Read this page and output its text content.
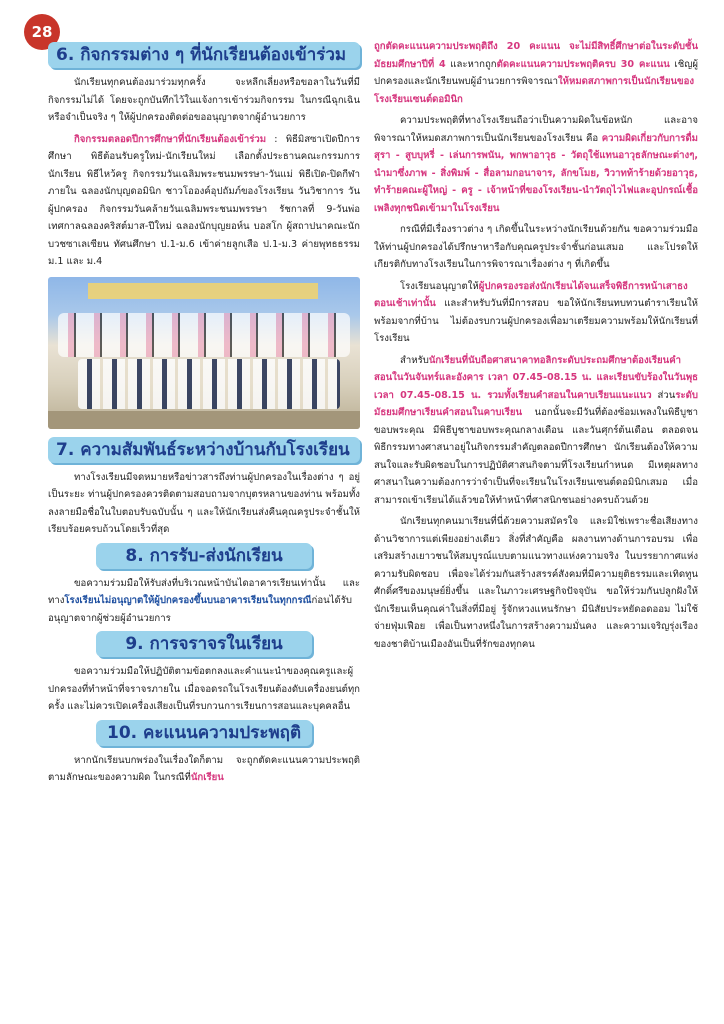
28
6. กิจกรรมต่าง ๆ ที่นักเรียนต้องเข้าร่วม

นักเรียนทุกคนต้องมาร่วมทุกครั้ง จะหลีกเลี่ยงหรือขอลาในวันที่มีกิจกรรมไม่ได้ โดยจะถูกบันทึกไว้ในแจ้งการเข้าร่วมกิจกรรม ในกรณีฉุกเฉินหรือจำเป็นจริง ๆ ให้ผู้ปกครองติดต่อขออนุญาตจากผู้อำนวยการ

กิจกรรมตลอดปีการศึกษาที่นักเรียนต้องเข้าร่วม : พิธีมิสซาเปิดปีการศึกษา พิธีต้อนรับครูใหม่-นักเรียนใหม่ เลือกตั้งประธานคณะกรรมการนักเรียน พิธีไหว้ครู กิจกรรมวันเฉลิมพระชนมพรรษา-วันแม่ พิธีเปิด-ปิดกีฬาภายใน ฉลองนักบุญดอมินิก ชาวโอองค์อุปถัมภ์ของโรงเรียน วันวิชาการ วันผู้ปกครอง กิจกรรมวันคล้ายวันเฉลิมพระชนมพรรษา รัชกาลที่ 9-วันพ่อ เทศกาลฉลองคริสต์มาส-ปีใหม่ ฉลองนักบุญยอห์น บอสโก ผู้สถาปนาคณะนักบวชซาเลเซียน ทัศนศึกษา ป.1-ม.6 เข้าค่ายลูกเสือ ป.1-ม.3 ค่ายพุทธธรรม ม.1 และ ม.4

7. ความสัมพันธ์ระหว่างบ้านกับโรงเรียน

ทางโรงเรียนมีจดหมายหรือข่าวสารถึงท่านผู้ปกครองในเรื่องต่าง ๆ อยู่เป็นระยะ ท่านผู้ปกครองควรติดตามสอบถามจากบุตรหลานของท่าน พร้อมทั้งลงลายมือชื่อในใบตอบรับฉบับนั้น ๆ และให้นักเรียนส่งคืนคุณครูประจำชั้นให้เรียบร้อยครบถ้วนโดยเร็วที่สุด

8. การรับ-ส่งนักเรียน

ขอความร่วมมือให้รับส่งที่บริเวณหน้าบันไดอาคารเรียนเท่านั้น และทางโรงเรียนไม่อนุญาตให้ผู้ปกครองขึ้นบนอาคารเรียนในทุกกรณีก่อนได้รับอนุญาตจากผู้ช่วยผู้อำนวยการ

9. การจราจรในเรียน

ขอความร่วมมือให้ปฏิบัติตามข้อตกลงและคำแนะนำของคุณครูและผู้ปกครองที่ทำหน้าที่จราจรภายใน เมื่อจอดรถในโรงเรียนต้องดับเครื่องยนต์ทุกครั้ง และไม่ควรเปิดเครื่องเสียงเป็นที่รบกวนการเรียนการสอนและบุคคลอื่น

10. คะแนนความประพฤติ

หากนักเรียนบกพร่องในเรื่องใดก็ตาม จะถูกตัดคะแนนความประพฤติตามลักษณะของความผิด ในกรณีที่นักเรียน

ถูกตัดคะแนนความประพฤติถึง 20 คะแนน จะไม่มีสิทธิ์ศึกษาต่อในระดับชั้นมัธยมศึกษาปีที่ 4 และหากถูกตัดคะแนนความประพฤติครบ 30 คะแนน เชิญผู้ปกครองและนักเรียนพบผู้อำนวยการพิจารณาให้หมดสภาพการเป็นนักเรียนของโรงเรียนเซนต์ดอมินิก

ความประพฤติที่ทางโรงเรียนถือว่าเป็นความผิดในข้อหนัก และอาจพิจารณาให้หมดสภาพการเป็นนักเรียนของโรงเรียน คือ ความผิดเกี่ยวกับการดื่มสุรา - สูบบุหรี่ - เล่นการพนัน, พกพาอาวุธ - วัตถุใช้แทนอาวุธลักษณะต่างๆ, นำมาซึ่งภาพ - สิ่งพิมพ์ - สื่อลามกอนาจาร, ลักขโมย, วิวาทท้าร้ายด้วยอาวุธ, ทำร้ายคณะผู้ใหญ่ - ครู - เจ้าหน้าที่ของโรงเรียน-นำวัตถุไวไฟและอุปกรณ์เชื้อเพลิงทุกชนิดเข้ามาในโรงเรียน

กรณีที่มีเรื่องราวต่าง ๆ เกิดขึ้นในระหว่างนักเรียนด้วยกัน ขอความร่วมมือให้ท่านผู้ปกครองได้ปรึกษาหารือกับคุณครูประจำชั้นก่อนเสมอ และโปรดให้เกียรติกับทางโรงเรียนในการพิจารณาเรื่องต่าง ๆ ที่เกิดขึ้น

โรงเรียนอนุญาตให้ผู้ปกครองรอส่งนักเรียนได้จนเสร็จพิธีการหน้าเสาธงตอนเช้าเท่านั้น และสำหรับวันที่มีการสอบ ขอให้นักเรียนทบทวนตำราเรียนให้พร้อมจากที่บ้าน ไม่ต้องรบกวนผู้ปกครองเพื่อมาเตรียมความพร้อมให้นักเรียนที่โรงเรียน

สำหรับนักเรียนที่นับถือศาสนาคาทอลิกระดับประถมศึกษาต้องเรียนคำสอนในวันจันทร์และอังคาร เวลา 07.45-08.15 น. และเรียนขับร้องในวันพุธ เวลา 07.45-08.15 น. รวมทั้งเรียนคำสอนในคาบเรียนแนะแนว ส่วนระดับมัธยมศึกษาเรียนคำสอนในคาบเรียน นอกนั้นจะมีวันที่ต้องซ้อมเพลงในพิธีบูชาขอบพระคุณ มีพิธีบูชาขอบพระคุณกลางเดือน และวันศุกร์ต้นเดือน ตลอดจนพิธีกรรมทางศาสนาอยู่ในกิจกรรมสำคัญตลอดปีการศึกษา นักเรียนต้องให้ความสนใจและรับผิดชอบในการปฏิบัติศาสนกิจตามที่โรงเรียนกำหนด มีเหตุผลทางศาสนาในความต้องการว่าจำเป็นที่จะเรียนในโรงเรียนเซนต์ดอมินิกเสมอ เมื่อสามารถเข้าเรียนได้แล้วขอให้ทำหน้าที่ศาสนิกชนอย่างครบถ้วนด้วย

นักเรียนทุกคนมาเรียนที่นี่ด้วยความสมัครใจ และมิใช่เพราะชื่อเสียงทางด้านวิชาการแต่เพียงอย่างเดียว สิ่งที่สำคัญคือ ผลงานทางด้านการอบรม เพื่อเสริมสร้างเยาวชนให้สมบูรณ์แบบตามแนวทางแห่งความจริง ในบรรยากาศแห่งความรับผิดชอบ เพื่อจะได้ร่วมกันสร้างสรรค์สังคมที่มีความยุติธรรมและเทิดทูนศักดิ์ศรีของมนุษย์ยิ่งขึ้น และในภาวะเศรษฐกิจปัจจุบัน ขอให้ร่วมกันปลูกฝังให้นักเรียนเห็นคุณค่าในสิ่งที่มีอยู่ รู้จักหวงแหนรักษา มีนิสัยประหยัดอดออม ไม่ใช้จ่ายฟุ่มเฟือย เพื่อเป็นทางหนึ่งในการสร้างความมั่นคง และความเจริญรุ่งเรืองของชาติบ้านเมืองอันเป็นที่รักของทุกคน
